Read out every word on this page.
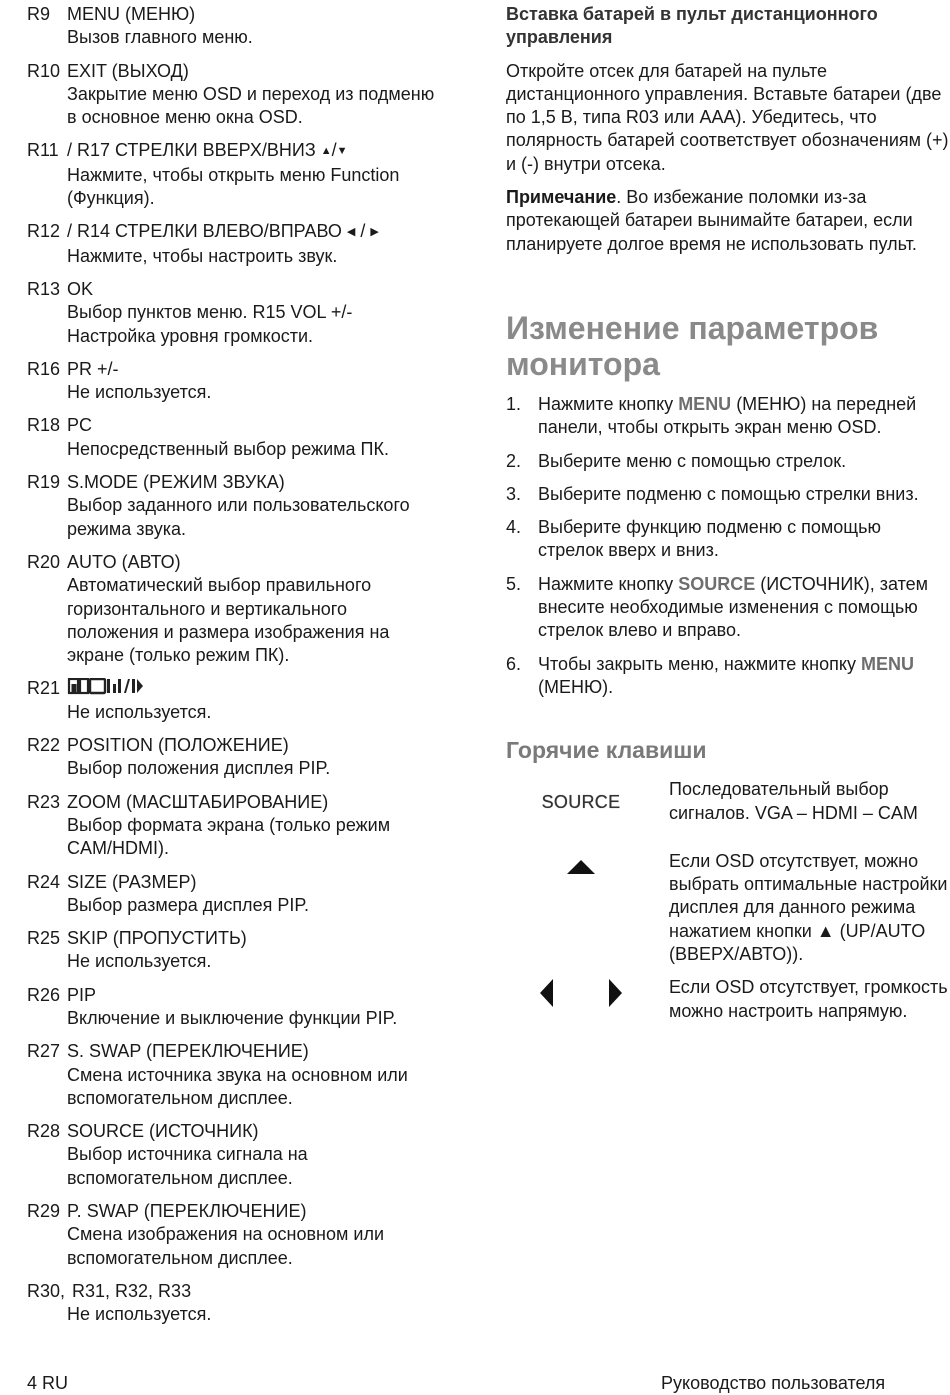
R9 MENU (МЕНЮ)
Вызов главного меню.
R10 EXIT (ВЫХОД)
Закрытие меню OSD и переход из подменю
в основное меню окна OSD.
R11 / R17 СТРЕЛКИ ВВЕРХ/ВНИЗ ▲/▼
Нажмите, чтобы открыть меню Function
(Функция).
R12 / R14 СТРЕЛКИ ВЛЕВО/ВПРАВО ◀ / ▶
Нажмите, чтобы настроить звук.
R13 OK
Выбор пунктов меню. R15 VOL +/-
Настройка уровня громкости.
R16 PR +/-
Не используется.
R18 PC
Непосредственный выбор режима ПК.
R19 S.MODE (РЕЖИМ ЗВУКА)
Выбор заданного или пользовательского
режима звука.
R20 AUTO (АВТО)
Автоматический выбор правильного
горизонтального и вертикального
положения и размера изображения на
экране (только режим ПК).
R21
Не используется.
R22 POSITION (ПОЛОЖЕНИЕ)
Выбор положения дисплея PIP.
R23 ZOOM (МАСШТАБИРОВАНИЕ)
Выбор формата экрана (только режим
CAM/HDMI).
R24 SIZE (РАЗМЕР)
Выбор размера дисплея PIP.
R25 SKIP (ПРОПУСТИТЬ)
Не используется.
R26 PIP
Включение и выключение функции PIP.
R27 S. SWAP (ПЕРЕКЛЮЧЕНИЕ)
Смена источника звука на основном или
вспомогательном дисплее.
R28 SOURCE (ИСТОЧНИК)
Выбор источника сигнала на
вспомогательном дисплее.
R29 P. SWAP (ПЕРЕКЛЮЧЕНИЕ)
Смена изображения на основном или
вспомогательном дисплее.
R30, R31, R32, R33
Не используется.

Вставка батарей в пульт дистанционного управления

Откройте отсек для батарей на пульте дистанционного управления. Вставьте батареи (две по 1,5 В, типа R03 или AAA). Убедитесь, что полярность батарей соответствует обозначениям (+) и (-) внутри отсека.

Примечание. Во избежание поломки из-за протекающей батареи вынимайте батареи, если планируете долгое время не использовать пульт.

Изменение параметров монитора
1. Нажмите кнопку MENU (МЕНЮ) на передней панели, чтобы открыть экран меню OSD.
2. Выберите меню с помощью стрелок.
3. Выберите подменю с помощью стрелки вниз.
4. Выберите функцию подменю с помощью стрелок вверх и вниз.
5. Нажмите кнопку SOURCE (ИСТОЧНИК), затем внесите необходимые изменения с помощью стрелок влево и вправо.
6. Чтобы закрыть меню, нажмите кнопку MENU (МЕНЮ).
Горячие клавиши
SOURCE
Последовательный выбор сигналов. VGA – HDMI – CAM
Если OSD отсутствует, можно выбрать оптимальные настройки дисплея для данного режима нажатием кнопки ▲ (UP/AUTO (ВВЕРХ/АВТО)).
Если OSD отсутствует, громкость можно настроить напрямую.
4 RU	Руководство пользователя
